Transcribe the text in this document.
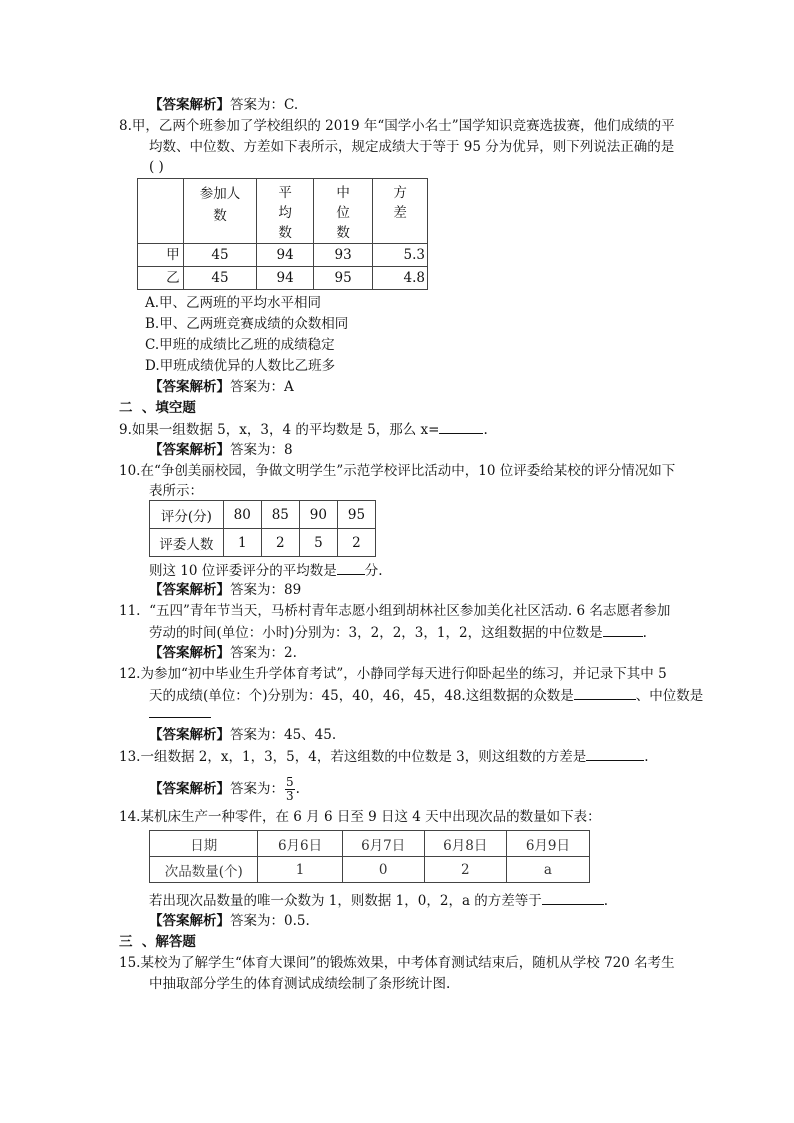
【答案解析】答案为：C.
8.甲，乙两个班参加了学校组织的 2019 年“国学小名士”国学知识竞赛选拔赛，他们成绩的平
均数、中位数、方差如下表所示，规定成绩大于等于 95 分为优异，则下列说法正确的是
( )

	参加人数	平均数	中位数	方差

甲	45	94	93	5.3
乙	45	94	95	4.8
A.甲、乙两班的平均水平相同
B.甲、乙两班竞赛成绩的众数相同
C.甲班的成绩比乙班的成绩稳定
D.甲班成绩优异的人数比乙班多
【答案解析】答案为：A
二  、填空题
9.如果一组数据 5，x，3，4 的平均数是 5，那么 x=	.
【答案解析】答案为：8
10.在“争创美丽校园，争做文明学生”示范学校评比活动中，10 位评委给某校的评分情况如下
表所示：
评分(分)	80	85	90	95
评委人数	1	2	5	2
则这 10 位评委评分的平均数是 分.
【答案解析】答案为：89
11. “五四”青年节当天，马桥村青年志愿小组到胡林社区参加美化社区活动. 6 名志愿者参加
劳动的时间(单位：小时)分别为：3，2，2，3，1，2，这组数据的中位数是	.
【答案解析】答案为：2.
12.为参加“初中毕业生升学体育考试”，小静同学每天进行仰卧起坐的练习，并记录下其中 5
天的成绩(单位：个)分别为：45，40，46，45，48.这组数据的众数是	、中位数是
【答案解析】答案为：45、45.
13.一组数据 2，x，1，3，5，4，若这组数的中位数是 3，则这组数的方差是	.
【答案解析】答案为： $\frac{5}{3}$ .
14.某机床生产一种零件，在 6 月 6 日至 9 日这 4 天中出现次品的数量如下表：
日期	6月6日	6月7日	6月8日	6月9日
次品数量(个)	1	0	2	a
若出现次品数量的唯一众数为 1，则数据 1，0，2，a 的方差等于	.
【答案解析】答案为：0.5.
三  、解答题
15.某校为了解学生“体育大课间”的锻炼效果，中考体育测试结束后，随机从学校 720 名考生
中抽取部分学生的体育测试成绩绘制了条形统计图.
